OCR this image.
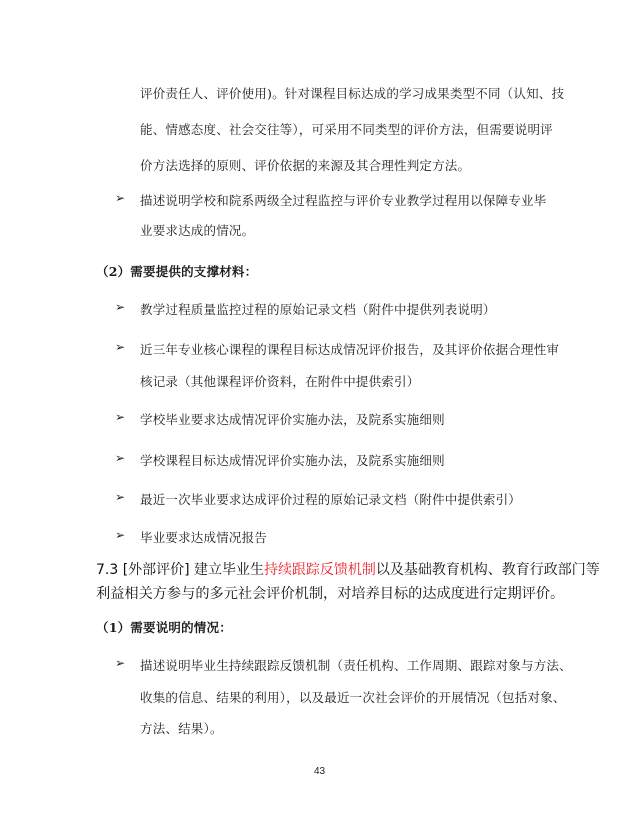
评价责任人、评价使用)。针对课程目标达成的学习成果类型不同（认知、技
能、情感态度、社会交往等），可采用不同类型的评价方法，但需要说明评
价方法选择的原则、评价依据的来源及其合理性判定方法。
➢ 描述说明学校和院系两级全过程监控与评价专业教学过程用以保障专业毕
业要求达成的情况。
（2）需要提供的支撑材料：
➢ 教学过程质量监控过程的原始记录文档（附件中提供列表说明）
➢ 近三年专业核心课程的课程目标达成情况评价报告，及其评价依据合理性审
核记录（其他课程评价资料，在附件中提供索引）
➢ 学校毕业要求达成情况评价实施办法，及院系实施细则
➢ 学校课程目标达成情况评价实施办法，及院系实施细则
➢ 最近一次毕业要求达成评价过程的原始记录文档（附件中提供索引）
➢ 毕业要求达成情况报告
7.3 [外部评价] 建立毕业生持续跟踪反馈机制以及基础教育机构、教育行政部门等
利益相关方参与的多元社会评价机制，对培养目标的达成度进行定期评价。
（1）需要说明的情况：
➢ 描述说明毕业生持续跟踪反馈机制（责任机构、工作周期、跟踪对象与方法、
收集的信息、结果的利用），以及最近一次社会评价的开展情况（包括对象、
方法、结果）。
43
